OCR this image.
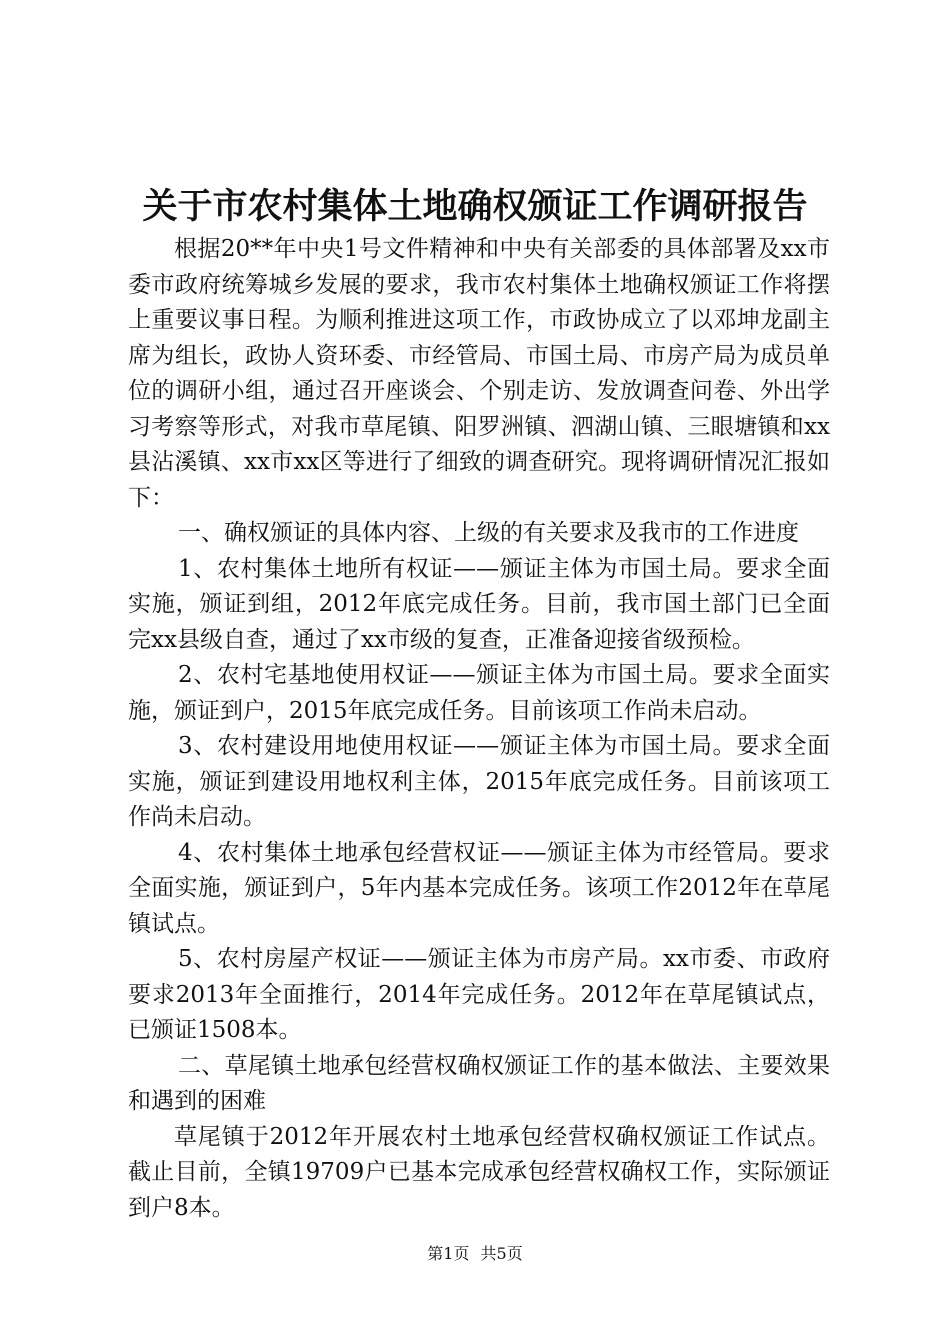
关于市农村集体土地确权颁证工作调研报告

根据20**年中央1号文件精神和中央有关部委的具体部署及xx市委市政府统筹城乡发展的要求，我市农村集体土地确权颁证工作将摆上重要议事日程。为顺利推进这项工作，市政协成立了以邓坤龙副主席为组长，政协人资环委、市经管局、市国土局、市房产局为成员单位的调研小组，通过召开座谈会、个别走访、发放调查问卷、外出学习考察等形式，对我市草尾镇、阳罗洲镇、泗湖山镇、三眼塘镇和xx县沾溪镇、xx市xx区等进行了细致的调查研究。现将调研情况汇报如下：

一、确权颁证的具体内容、上级的有关要求及我市的工作进度

1、农村集体土地所有权证——颁证主体为市国土局。要求全面实施，颁证到组，2012年底完成任务。目前，我市国土部门已全面完xx县级自查，通过了xx市级的复查，正准备迎接省级预检。

2、农村宅基地使用权证——颁证主体为市国土局。要求全面实施，颁证到户，2015年底完成任务。目前该项工作尚未启动。

3、农村建设用地使用权证——颁证主体为市国土局。要求全面实施，颁证到建设用地权利主体，2015年底完成任务。目前该项工作尚未启动。

4、农村集体土地承包经营权证——颁证主体为市经管局。要求全面实施，颁证到户，5年内基本完成任务。该项工作2012年在草尾镇试点。

5、农村房屋产权证——颁证主体为市房产局。xx市委、市政府要求2013年全面推行，2014年完成任务。2012年在草尾镇试点，已颁证1508本。

二、草尾镇土地承包经营权确权颁证工作的基本做法、主要效果和遇到的困难

草尾镇于2012年开展农村土地承包经营权确权颁证工作试点。截止目前，全镇19709户已基本完成承包经营权确权工作，实际颁证到户8本。

第1页 共5页
